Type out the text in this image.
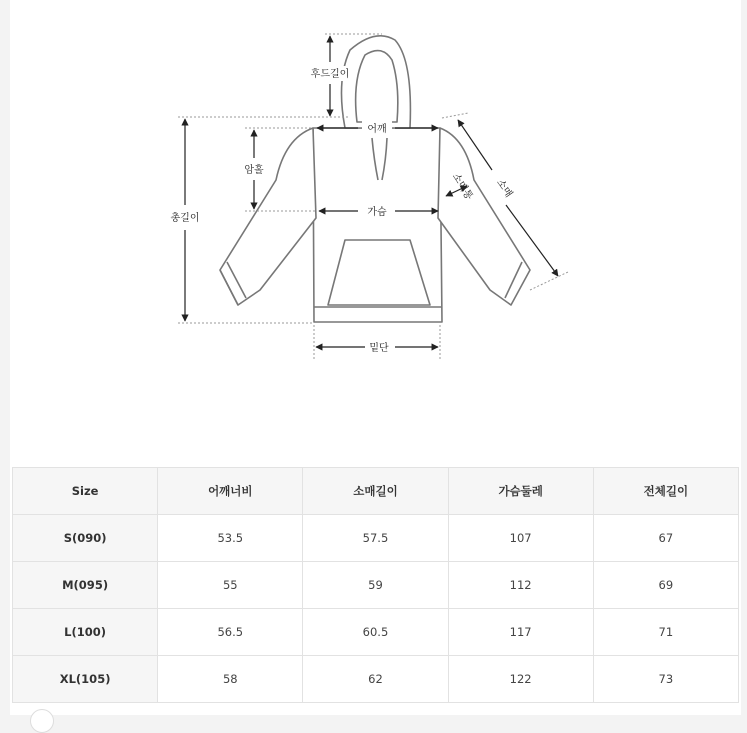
후드길이
어깨
암홀
총길이
가슴
밑단
소매통 소매
Size	어깨너비	소매길이	가슴둘레	전체길이
S(090)	53.5	57.5	107	67
M(095)	55	59	112	69
L(100)	56.5	60.5	117	71
XL(105)	58	62	122	73
